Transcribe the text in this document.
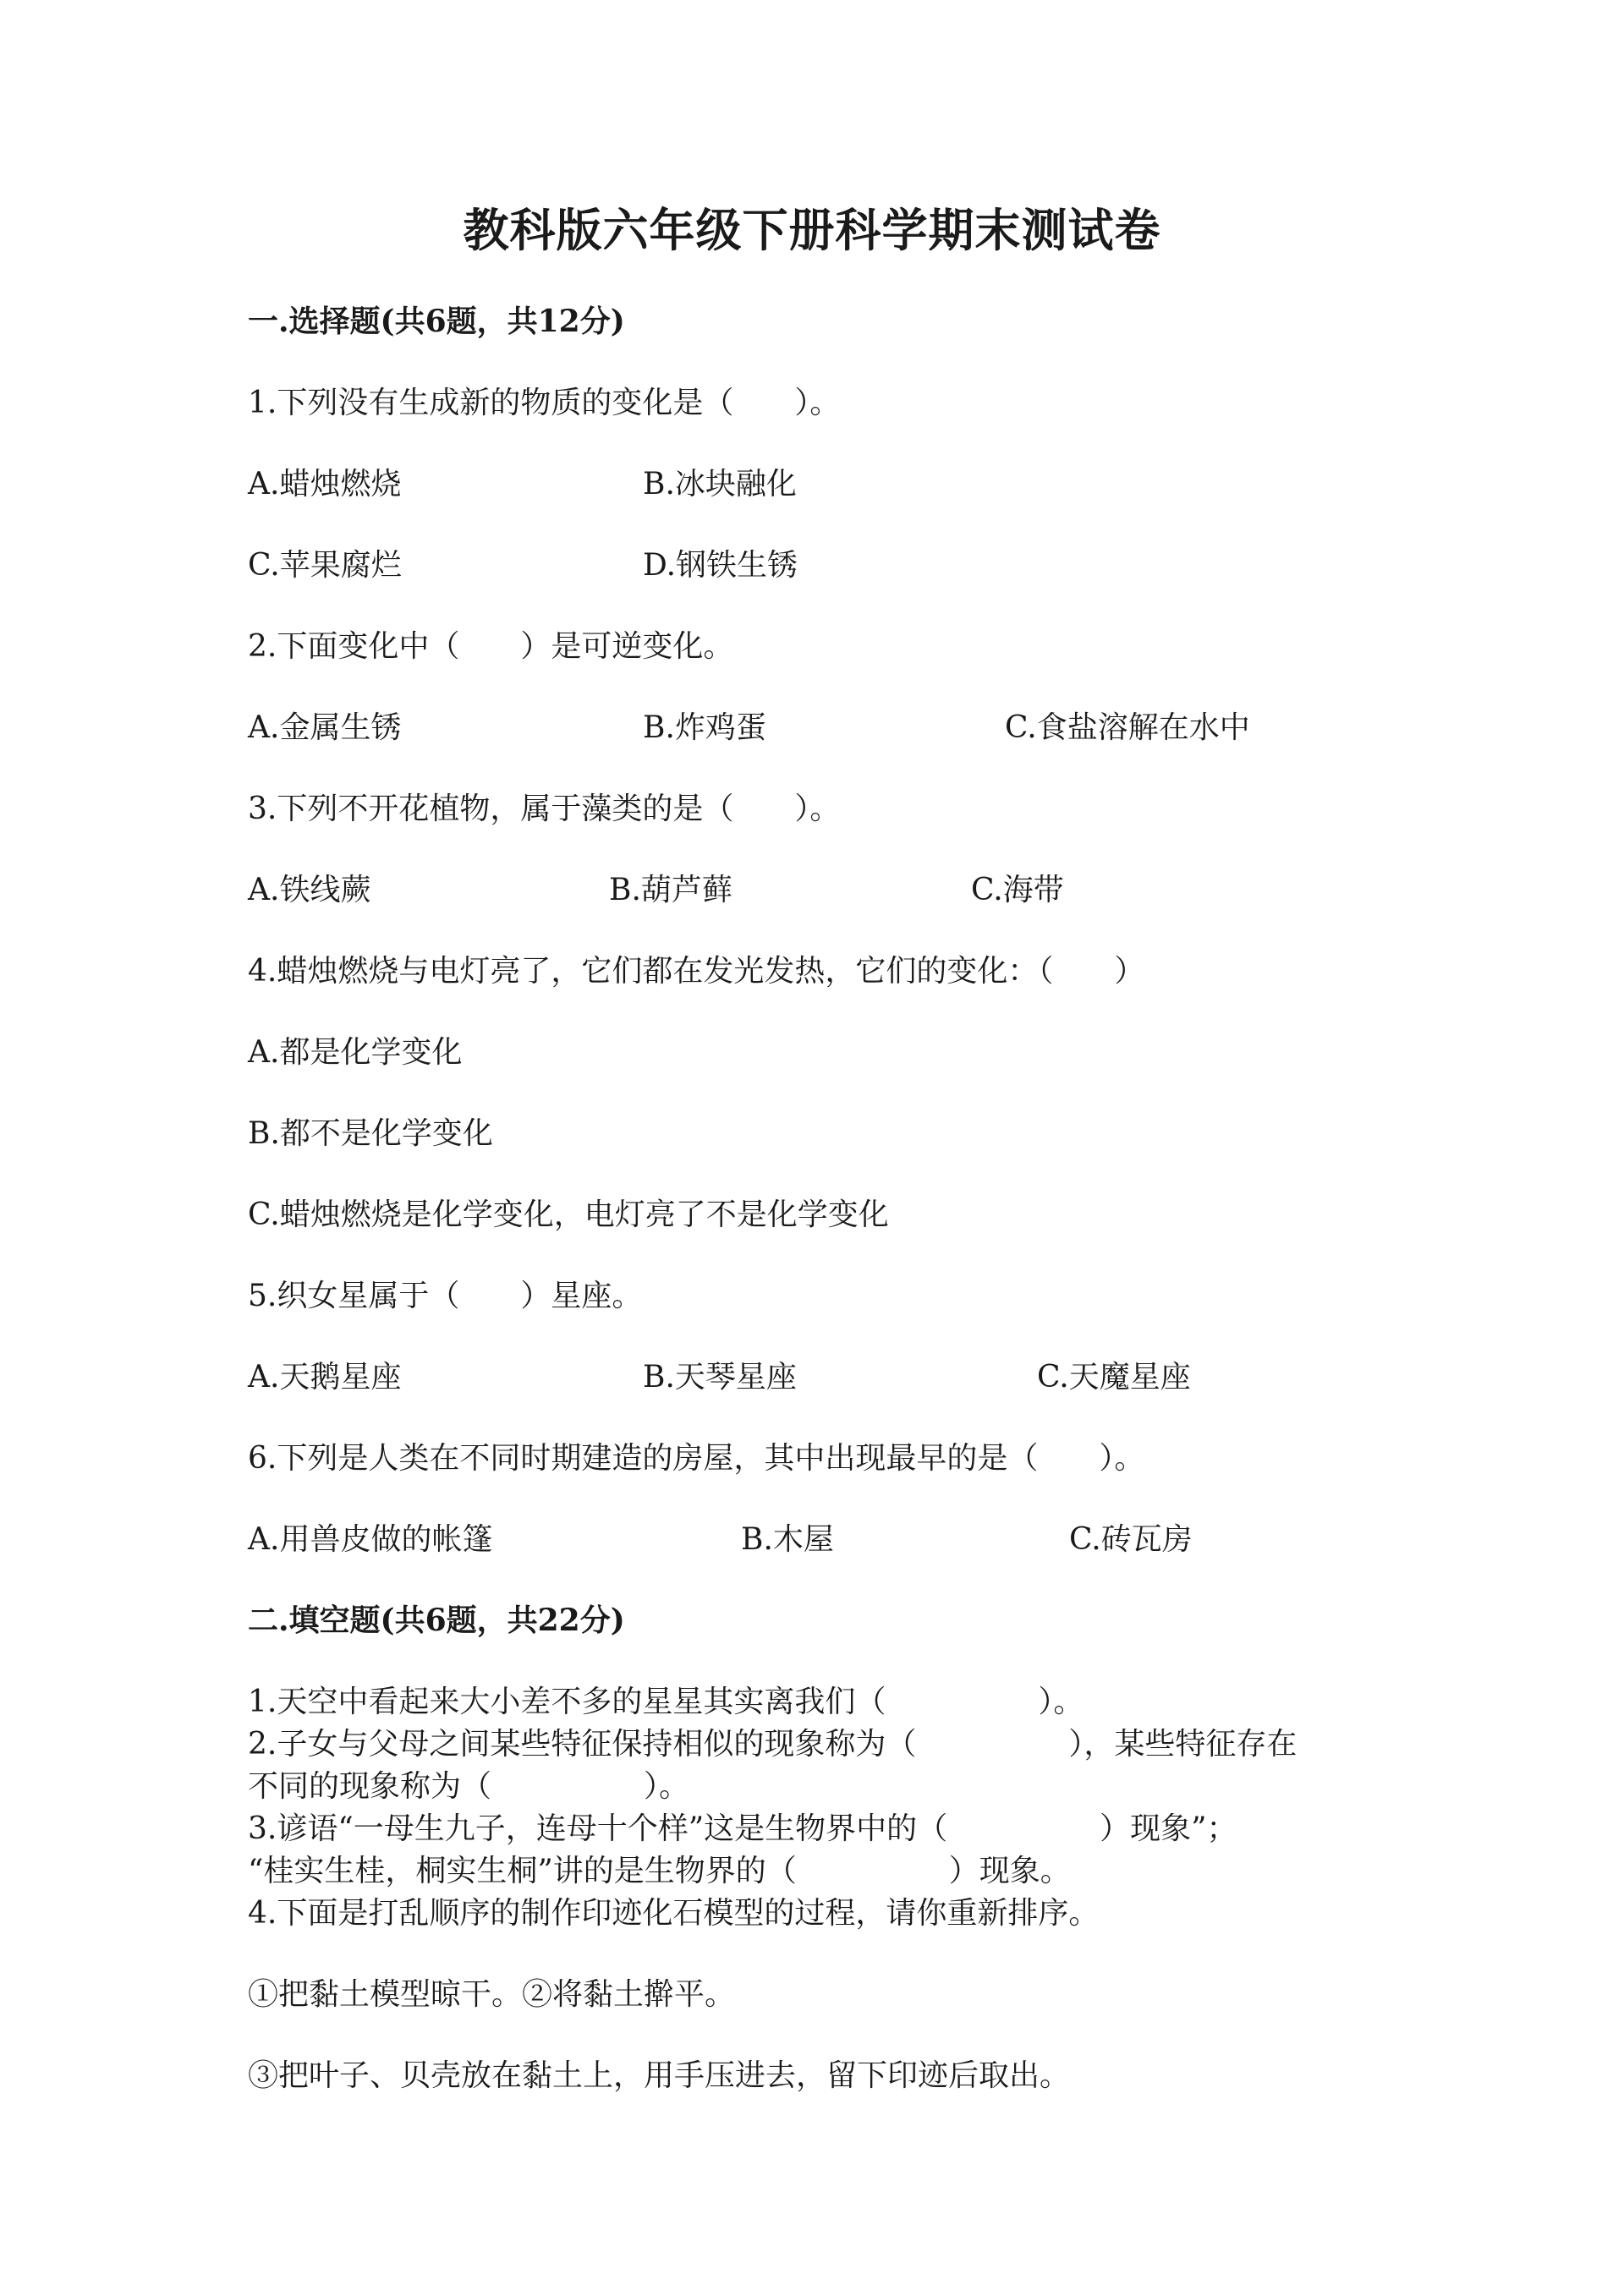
教科版六年级下册科学期末测试卷
一.选择题(共6题，共12分)
1.下列没有生成新的物质的变化是（　　）。
A.蜡烛燃烧	B.冰块融化
C.苹果腐烂	D.钢铁生锈
2.下面变化中（　　）是可逆变化。
A.金属生锈	B.炸鸡蛋	C.食盐溶解在水中
3.下列不开花植物，属于藻类的是（　　）。
A.铁线蕨	B.葫芦藓	C.海带
4.蜡烛燃烧与电灯亮了，它们都在发光发热，它们的变化：（　　）
A.都是化学变化
B.都不是化学变化
C.蜡烛燃烧是化学变化，电灯亮了不是化学变化
5.织女星属于（　　）星座。
A.天鹅星座	B.天琴星座	C.天魔星座
6.下列是人类在不同时期建造的房屋，其中出现最早的是（　　）。
A.用兽皮做的帐篷	B.木屋	C.砖瓦房
二.填空题(共6题，共22分)
1.天空中看起来大小差不多的星星其实离我们（　　　　　）。
2.子女与父母之间某些特征保持相似的现象称为（　　　　　），某些特征存在
不同的现象称为（　　　　　）。
3.谚语“一母生九子，连母十个样”这是生物界中的（　　　　　）现象”；
“桂实生桂，桐实生桐”讲的是生物界的（　　　　　）现象。
4.下面是打乱顺序的制作印迹化石模型的过程，请你重新排序。
①把黏土模型晾干。②将黏土擀平。
③把叶子、贝壳放在黏土上，用手压进去，留下印迹后取出。
